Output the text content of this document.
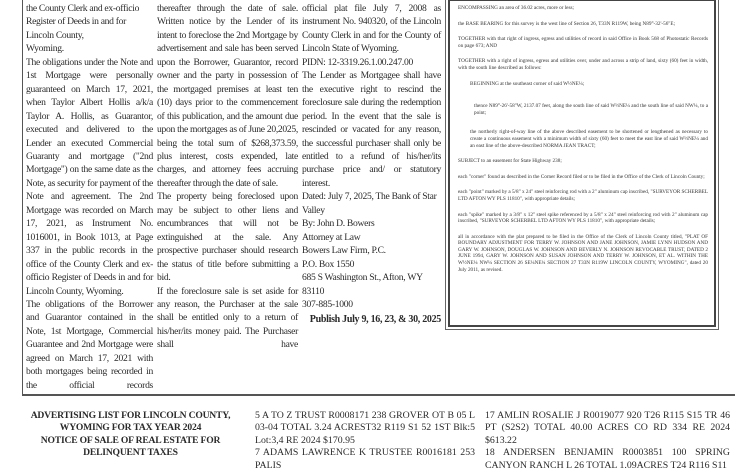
the County Clerk and ex-officio Register of Deeds in and for Lincoln County,

Wyoming.

The obligations under the Note and 1st Mortgage were personally guaranteed on March 17, 2021, when Taylor Albert Hollis a/k/a Taylor A. Hollis, as Guarantor, executed and delivered to the Lender an executed Commercial Guaranty and mortgage ("2nd Mortgage") on the same date as the Note, as security for payment of the Note and agreement. The 2nd Mortgage was recorded on March 17, 2021, as Instrument No. 1016001, in Book 1013, at Page 337 in the public records in the office of the County Clerk and ex-officio Register of Deeds in and for Lincoln County, Wyoming.

The obligations of the Borrower and Guarantor contained in the Note, 1st Mortgage, Commercial Guarantee and 2nd Mortgage were agreed on March 17, 2021 with both mortgages being recorded in the official records

thereafter through the date of sale. Written notice by the Lender of its intent to foreclose the 2nd Mortgage by advertisement and sale has been served upon the Borrower, Guarantor, record owner and the party in possession of the mortgaged premises at least ten (10) days prior to the commencement of this publication, and the amount due upon the mortgages as of June 20,2025, being the total sum of $268,373.59, plus interest, costs expended, late charges, and attorney fees accruing thereafter through the date of sale.

The property being foreclosed upon may be subject to other liens and encumbrances that will not be extinguished at the sale. Any prospective purchaser should research the status of title before submitting a bid.

If the foreclosure sale is set aside for any reason, the Purchaser at the sale shall be entitled only to a return of his/her/its money paid. The Purchaser shall have

official plat file July 7, 2008 as instrument No. 940320, of the Lincoln County Clerk in and for the County of Lincoln State of Wyoming.

PIDN: 12-3319.26.1.00.247.00

The Lender as Mortgagee shall have the executive right to rescind the foreclosure sale during the redemption period. In the event that the sale is rescinded or vacated for any reason, the successful purchaser shall only be entitled to a refund of his/her/its purchase price and/ or statutory interest.

Dated: July 7, 2025, The Bank of Star Valley

By: John D. Bowers

Attorney at Law

Bowers Law Firm, P.C.

P.O. Box 1550

685 S Washington St., Afton, WY 83110

307-885-1000

Publish July 9, 16, 23, & 30, 2025

ENCOMPASSING an area of 36.02 acres, more or less;

the BASE BEARING for this survey is the west line of Section 26, T33N R119W, being N89°-32'-56"E;

TOGETHER with that right of ingress, egress and utilities of record in said Office in Book 568 of Photostatic Records on page 673; AND

TOGETHER with a right of ingress, egress and utilities over, under and across a strip of land, sixty (60) feet in width, with the south line described as follows:

BEGINNING at the southeast corner of said W½NE¼;

thence N89°-26'-58"W, 2137.07 feet, along the south line of said W½NE¼ and the south line of said NW¼, to a point;

the northerly right-of-way line of the above described easement to be shortened or lengthened as necessary to create a continuous easement with a minimum width of sixty (60) feet to meet the east line of said W½NE¼ and an east line of the above-described NORMA JEAN TRACT;

SUBJECT to an easement for State Highway 238;

each "corner" found as described in the Corner Record filed or to be filed in the Office of the Clerk of Lincoln County;

each "point" marked by a 5/8" x 24" steel reinforcing rod with a 2" aluminum cap inscribed, "SURVEYOR SCHERBEL LTD AFTON WY PLS 11810", with appropriate details;

each "spike" marked by a 3/8" x 12" steel spike referenced by a 5/8" x 24" steel reinforcing rod with 2" aluminum cap inscribed, "SURVEYOR SCHERBEL LTD AFTON WY PLS 11810", with appropriate details;

all in accordance with the plat prepared to be filed in the Office of the Clerk of Lincoln County titled, "PLAT OF BOUNDARY ADJUSTMENT FOR TERRY W. JOHNSON AND JANE JOHNSON, JAMIE LYNN HUDSON AND GARY W. JOHNSON, DOUGLAS W. JOHNSON AND BEVERLY N. JOHNSON REVOCABLE TRUST, DATED 2 JUNE 1994, GARY W. JOHNSON AND SUSAN JOHNSON AND TERRY W. JOHNSON, ET AL. WITHIN THE W½NE¼ NW¼ SECTION 26 SE¼NE¼ SECTION 27 T33N R119W LINCOLN COUNTY, WYOMING", dated 20 July 2011, as revised.

ADVERTISING LIST FOR LINCOLN COUNTY,
WYOMING FOR TAX YEAR 2024
NOTICE OF SALE OF REAL ESTATE FOR
DELINQUENT TAXES

5 A TO Z TRUST R0008171 238 GROVER OT B 05 L 03-04 TOTAL 3.24 ACREST32 R119 S1 52 1ST Blk:5 Lot:3,4 RE 2024 $170.95

7 ADAMS LAWRENCE K TRUSTEE R0016181 253 PALIS

17 AMLIN ROSALIE J R0019077 920 T26 R115 S15 TR 46 PT (S2S2) TOTAL 40.00 ACRES CO RD 334 RE 2024 $613.22

18 ANDERSEN BENJAMIN R0003851 100 SPRING CANYON RANCH L 26 TOTAL 1.09ACRES T24 R116 S11
